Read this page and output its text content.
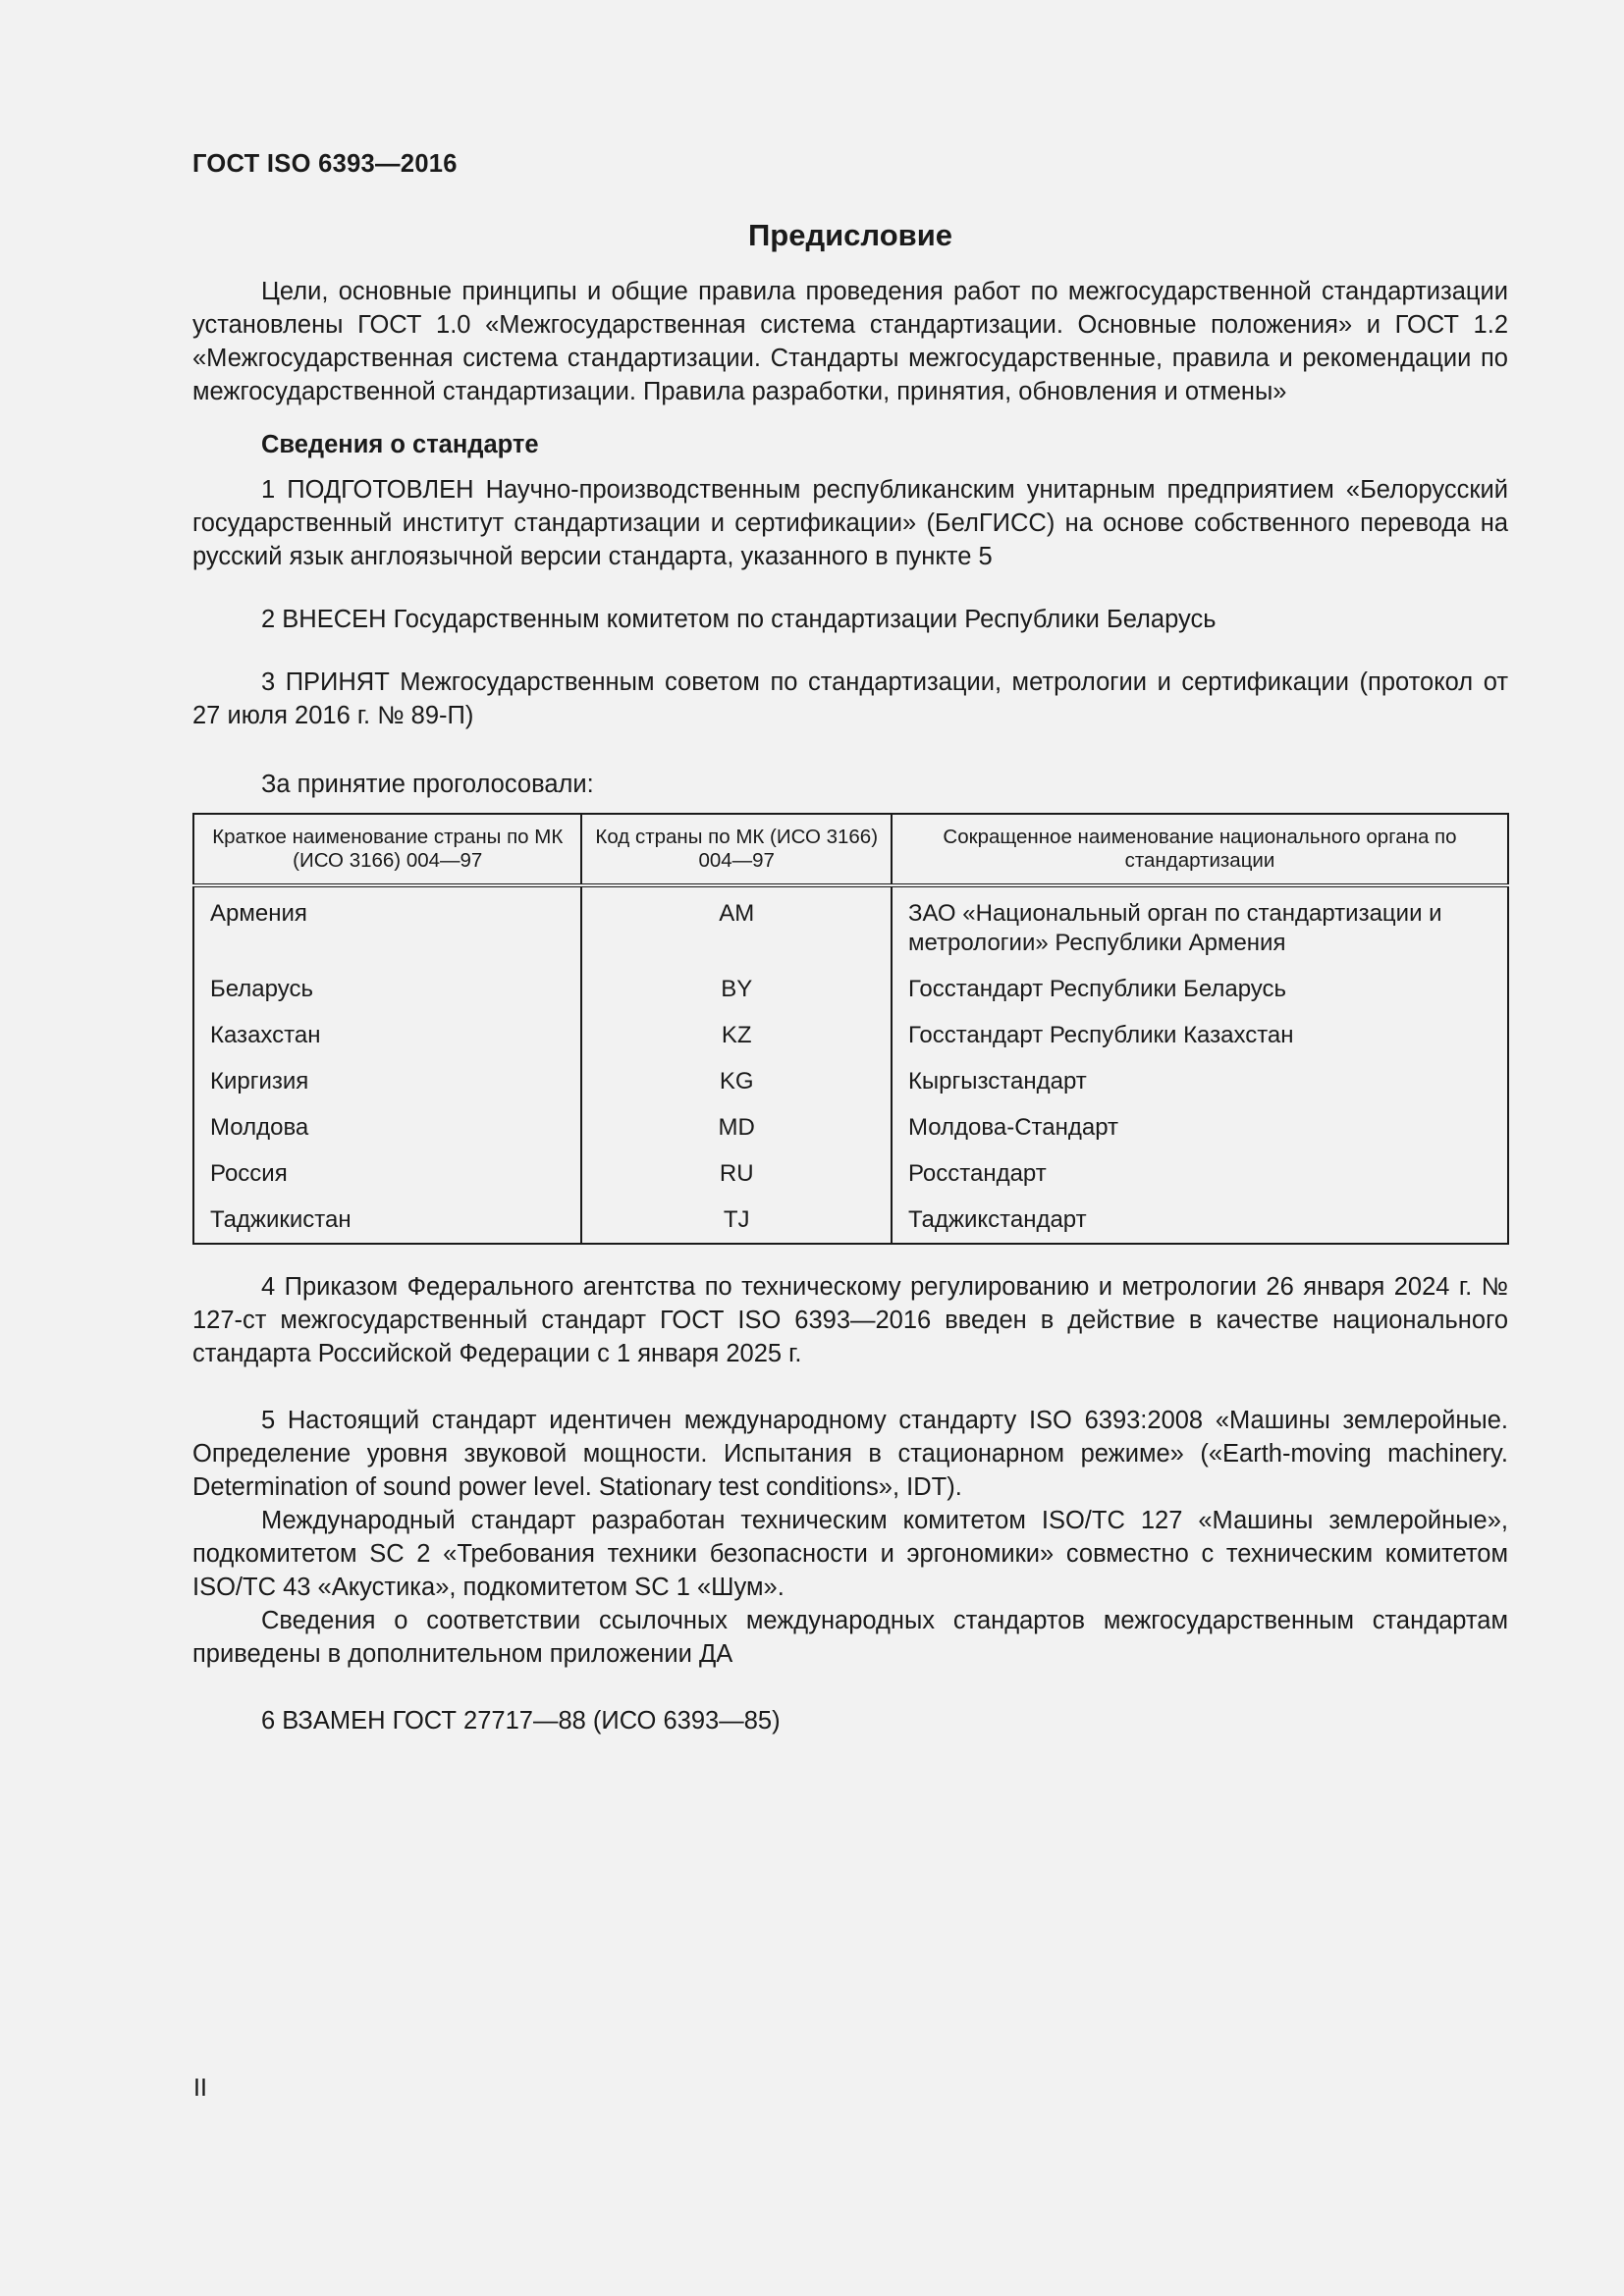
ГОСТ ISO 6393—2016
Предисловие

Цели, основные принципы и общие правила проведения работ по межгосударственной стандартизации установлены ГОСТ 1.0 «Межгосударственная система стандартизации. Основные положения» и ГОСТ 1.2 «Межгосударственная система стандартизации. Стандарты межгосударственные, правила и рекомендации по межгосударственной стандартизации. Правила разработки, принятия, обновления и отмены»

Сведения о стандарте

1 ПОДГОТОВЛЕН Научно-производственным республиканским унитарным предприятием «Белорусский государственный институт стандартизации и сертификации» (БелГИСС) на основе собственного перевода на русский язык англоязычной версии стандарта, указанного в пункте 5

2 ВНЕСЕН Государственным комитетом по стандартизации Республики Беларусь

3 ПРИНЯТ Межгосударственным советом по стандартизации, метрологии и сертификации (протокол от 27 июля 2016 г. № 89-П)

За принятие проголосовали:

Краткое наименование страны по МК (ИСО 3166) 004—97	Код страны по МК (ИСО 3166) 004—97	Сокращенное наименование национального органа по стандартизации
Армения	AM	ЗАО «Национальный орган по стандартизации и метрологии» Республики Армения
Беларусь	BY	Госстандарт Республики Беларусь
Казахстан	KZ	Госстандарт Республики Казахстан
Киргизия	KG	Кыргызстандарт
Молдова	MD	Молдова-Стандарт
Россия	RU	Росстандарт
Таджикистан	TJ	Таджикстандарт

4 Приказом Федерального агентства по техническому регулированию и метрологии 26 января 2024 г. № 127-ст межгосударственный стандарт ГОСТ ISO 6393—2016 введен в действие в качестве национального стандарта Российской Федерации с 1 января 2025 г.

5 Настоящий стандарт идентичен международному стандарту ISO 6393:2008 «Машины землеройные. Определение уровня звуковой мощности. Испытания в стационарном режиме» («Earth-moving machinery. Determination of sound power level. Stationary test conditions», IDT).

Международный стандарт разработан техническим комитетом ISO/TC 127 «Машины землеройные», подкомитетом SC 2 «Требования техники безопасности и эргономики» совместно с техническим комитетом ISO/TC 43 «Акустика», подкомитетом SC 1 «Шум».

Сведения о соответствии ссылочных международных стандартов межгосударственным стандартам приведены в дополнительном приложении ДА

6 ВЗАМЕН ГОСТ 27717—88 (ИСО 6393—85)

II
